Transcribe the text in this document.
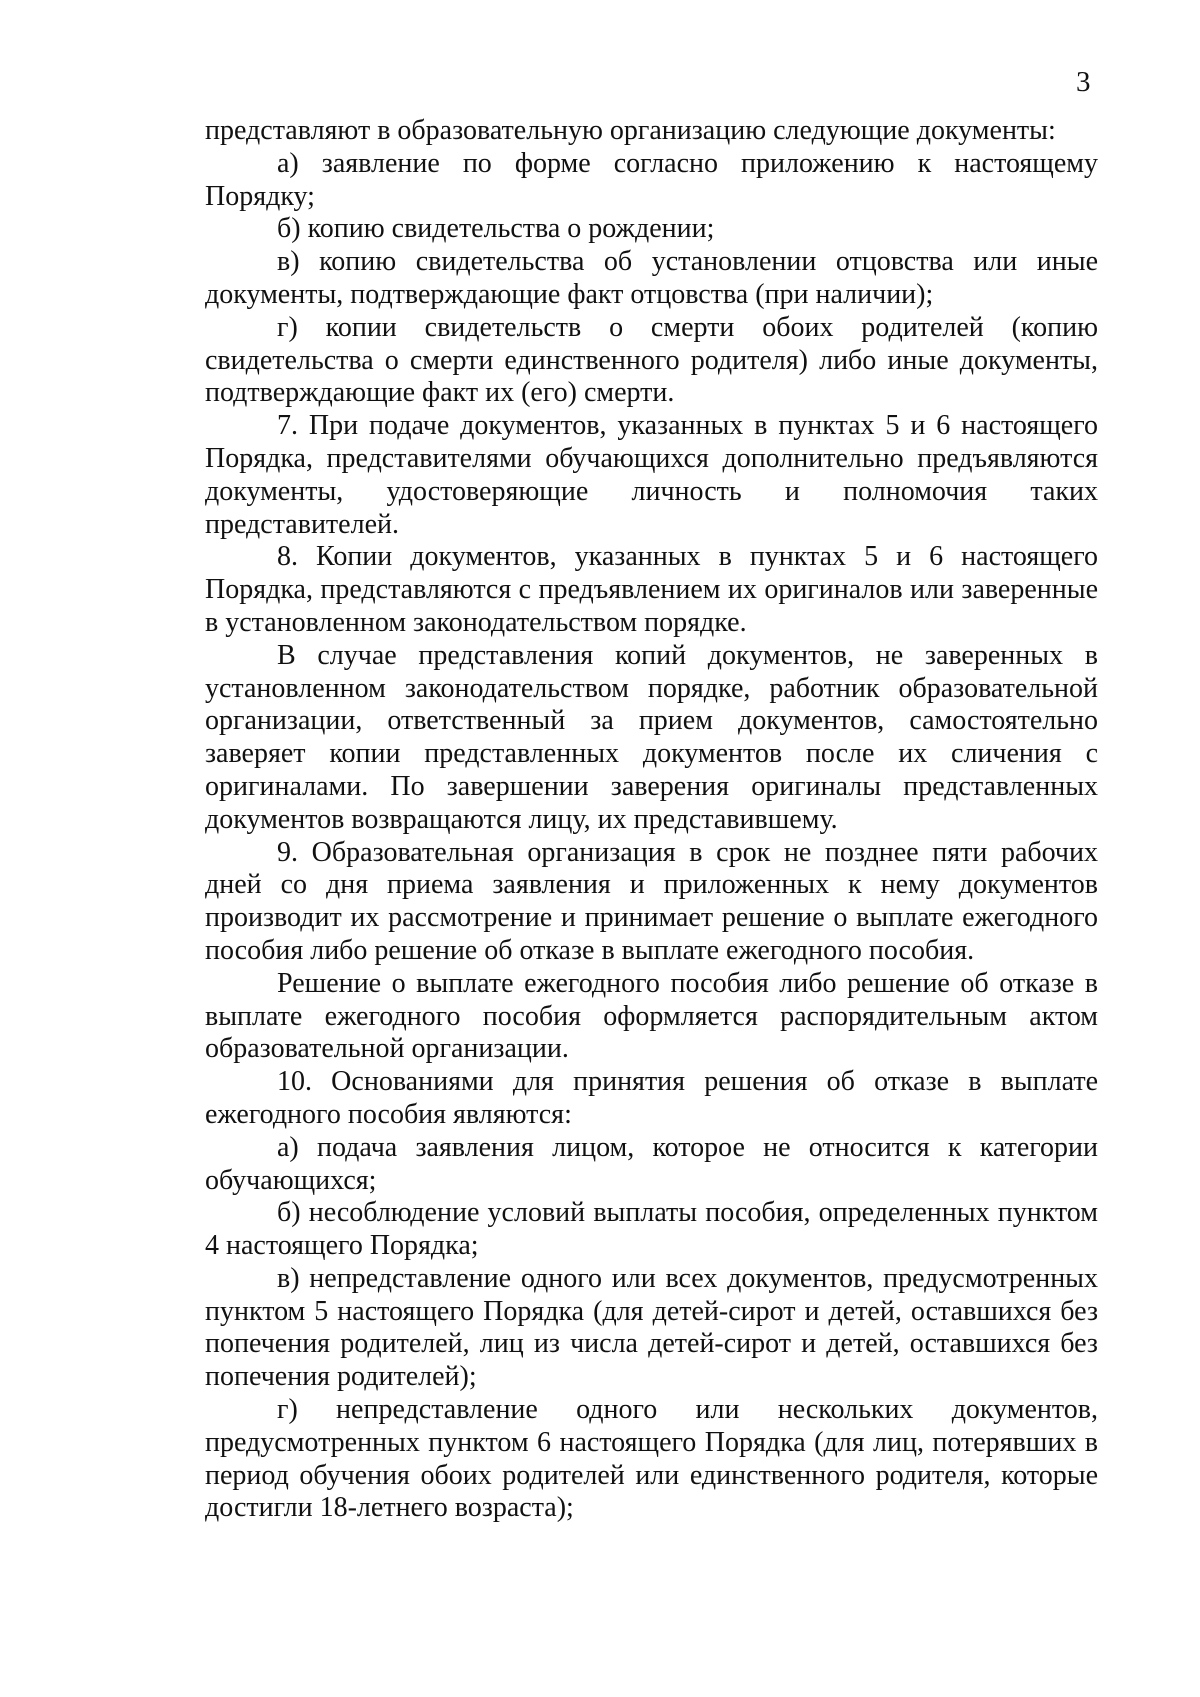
3

представляют в образовательную организацию следующие документы:

а) заявление по форме согласно приложению к настоящему Порядку;

б) копию свидетельства о рождении;

в) копию свидетельства об установлении отцовства или иные документы, подтверждающие факт отцовства (при наличии);

г) копии свидетельств о смерти обоих родителей (копию свидетельства о смерти единственного родителя) либо иные документы, подтверждающие факт их (его) смерти.

7. При подаче документов, указанных в пунктах 5 и 6 настоящего Порядка, представителями обучающихся дополнительно предъявляются документы, удостоверяющие личность и полномочия таких представителей.

8. Копии документов, указанных в пунктах 5 и 6 настоящего Порядка, представляются с предъявлением их оригиналов или заверенные в установленном законодательством порядке.

В случае представления копий документов, не заверенных в установленном законодательством порядке, работник образовательной организации, ответственный за прием документов, самостоятельно заверяет копии представленных документов после их сличения с оригиналами. По завершении заверения оригиналы представленных документов возвращаются лицу, их представившему.

9. Образовательная организация в срок не позднее пяти рабочих дней со дня приема заявления и приложенных к нему документов производит их рассмотрение и принимает решение о выплате ежегодного пособия либо решение об отказе в выплате ежегодного пособия.

Решение о выплате ежегодного пособия либо решение об отказе в выплате ежегодного пособия оформляется распорядительным актом образовательной организации.

10. Основаниями для принятия решения об отказе в выплате ежегодного пособия являются:

а) подача заявления лицом, которое не относится к категории обучающихся;

б) несоблюдение условий выплаты пособия, определенных пунктом 4 настоящего Порядка;

в) непредставление одного или всех документов, предусмотренных пунктом 5 настоящего Порядка (для детей-сирот и детей, оставшихся без попечения родителей, лиц из числа детей-сирот и детей, оставшихся без попечения родителей);

г) непредставление одного или нескольких документов, предусмотренных пунктом 6 настоящего Порядка (для лиц, потерявших в период обучения обоих родителей или единственного родителя, которые достигли 18-летнего возраста);
